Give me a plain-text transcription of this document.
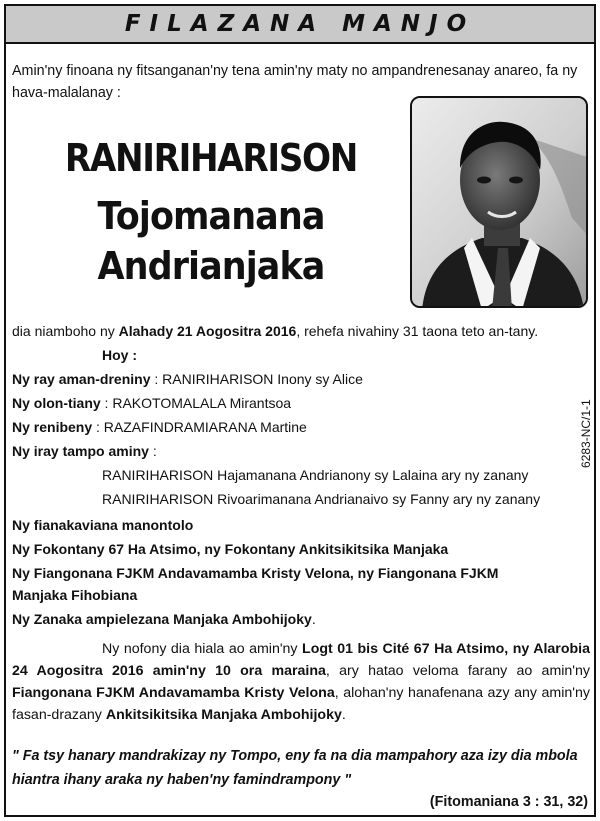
FILAZANA MANJO
Amin'ny finoana ny fitsanganan'ny tena amin'ny maty no ampandrenesanay anareo, fa ny hava-malalanay :
RANIRIHARISON
Tojomanana
Andrianjaka
dia niamboho ny Alahady 21 Aogositra 2016, rehefa nivahiny 31 taona teto an-tany.
Hoy :
Ny ray aman-dreniny : RANIRIHARISON Inony sy Alice
Ny olon-tiany : RAKOTOMALALA Mirantsoa
Ny renibeny : RAZAFINDRAMIARANA Martine
Ny iray tampo aminy :
RANIRIHARISON Hajamanana Andrianony sy Lalaina ary ny zanany
RANIRIHARISON Rivoarimanana Andrianaivo sy Fanny ary ny zanany
Ny fianakaviana manontolo
Ny Fokontany 67 Ha Atsimo, ny Fokontany Ankitsikitsika Manjaka
Ny Fiangonana FJKM Andavamamba Kristy Velona, ny Fiangonana FJKM
Manjaka Fihobiana
Ny Zanaka ampielezana Manjaka Ambohijoky.
6283-NC/1-1
Ny nofony dia hiala ao amin'ny Logt 01 bis Cité 67 Ha Atsimo, ny Alarobia 24 Aogositra 2016 amin'ny 10 ora maraina, ary hatao veloma farany ao amin'ny Fiangonana FJKM Andavamamba Kristy Velona, alohan'ny hanafenana azy any amin'ny fasan-drazany Ankitsikitsika Manjaka Ambohijoky.
" Fa tsy hanary mandrakizay ny Tompo, eny fa na dia mampahory aza izy dia mbola hiantra ihany araka ny haben'ny famindrampony "
(Fitomaniana 3 : 31, 32)
